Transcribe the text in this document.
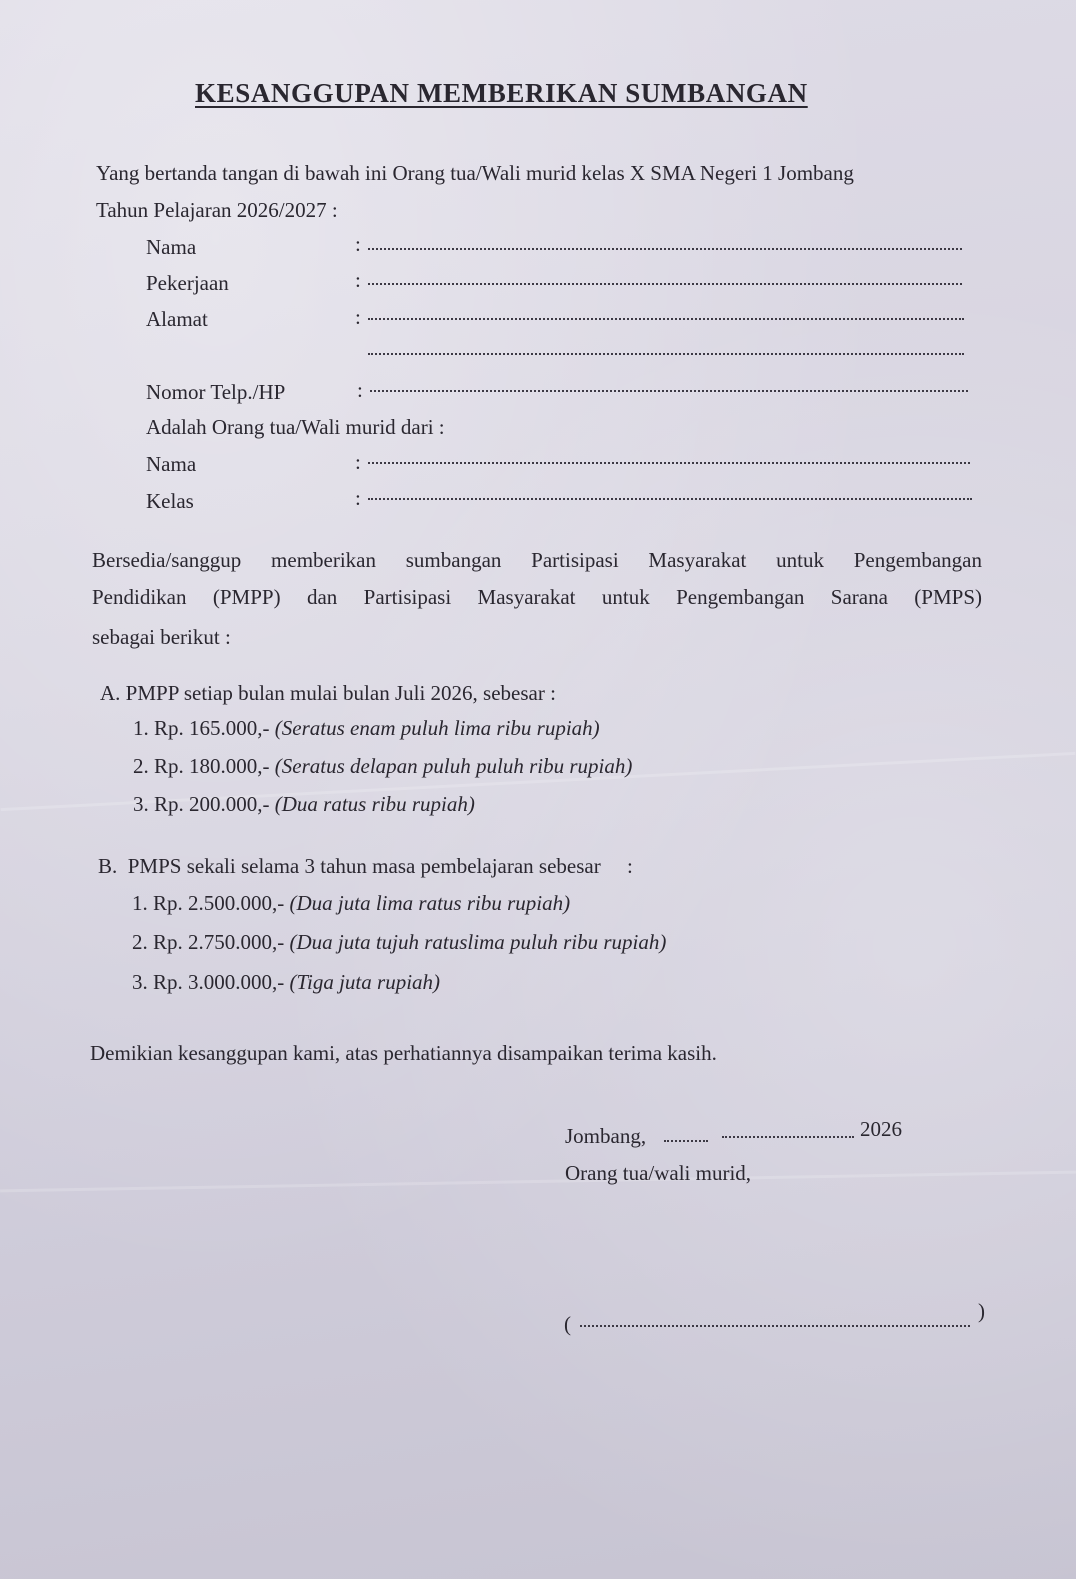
KESANGGUPAN MEMBERIKAN SUMBANGAN
Yang bertanda tangan di bawah ini Orang tua/Wali murid kelas X SMA Negeri 1 Jombang
Tahun Pelajaran 2026/2027 :
Nama	:
Pekerjaan	:
Alamat	:
Nomor Telp./HP	:
Adalah Orang tua/Wali murid dari :
Nama	:
Kelas	:
Bersedia/sanggup memberikan sumbangan Partisipasi Masyarakat untuk Pengembangan
Pendidikan (PMPP) dan Partisipasi Masyarakat untuk Pengembangan Sarana (PMPS)
sebagai berikut :
A. PMPP setiap bulan mulai bulan Juli 2026, sebesar :
1. Rp. 165.000,- (Seratus enam puluh lima ribu rupiah)
2. Rp. 180.000,- (Seratus delapan puluh puluh ribu rupiah)
3. Rp. 200.000,- (Dua ratus ribu rupiah)
B.  PMPS sekali selama 3 tahun masa pembelajaran sebesar     :
1. Rp. 2.500.000,- (Dua juta lima ratus ribu rupiah)
2. Rp. 2.750.000,- (Dua juta tujuh ratuslima puluh ribu rupiah)
3. Rp. 3.000.000,- (Tiga juta rupiah)
Demikian kesanggupan kami, atas perhatiannya disampaikan terima kasih.
Jombang,	2026
Orang tua/wali murid,
(
)
